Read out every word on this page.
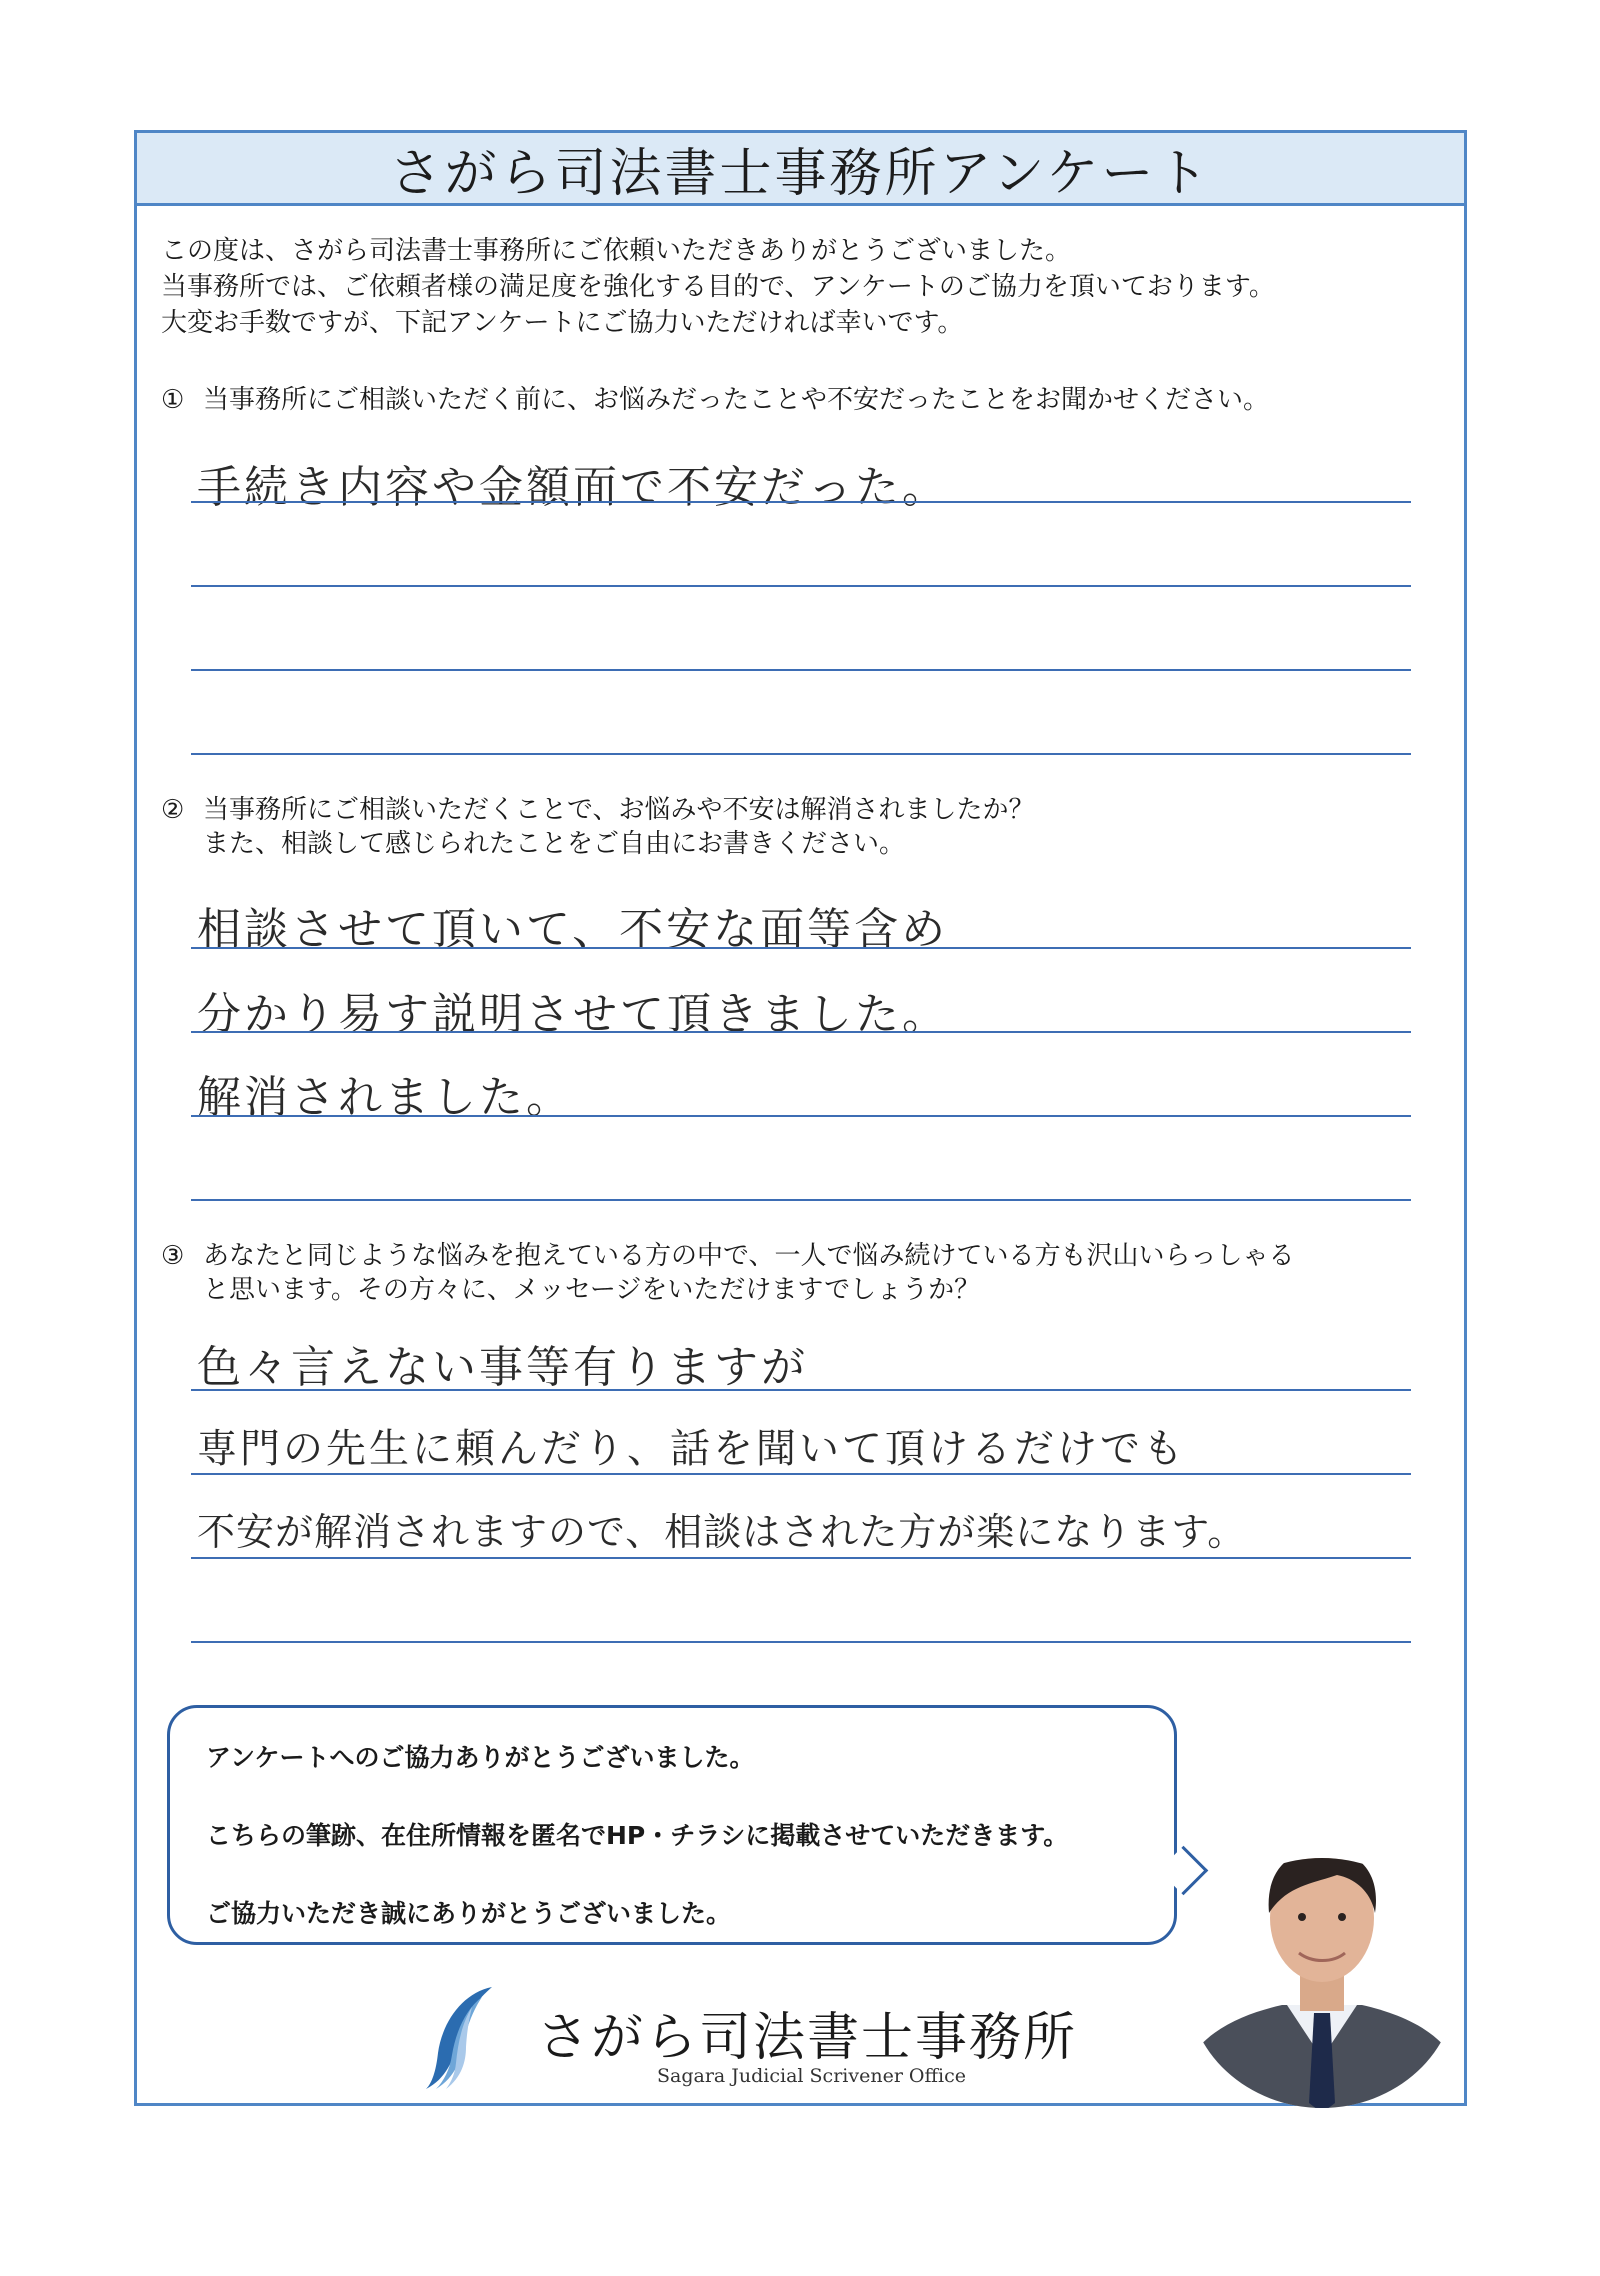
さがら司法書士事務所アンケート
この度は、さがら司法書士事務所にご依頼いただきありがとうございました。
当事務所では、ご依頼者様の満足度を強化する目的で、アンケートのご協力を頂いております。
大変お手数ですが、下記アンケートにご協力いただければ幸いです。
① 当事務所にご相談いただく前に、お悩みだったことや不安だったことをお聞かせください。
手続き内容や金額面で不安だった。
② 当事務所にご相談いただくことで、お悩みや不安は解消されましたか？
また、相談して感じられたことをご自由にお書きください。
相談させて頂いて、不安な面等含め
分かり易す説明させて頂きました。
解消されました。
③ あなたと同じような悩みを抱えている方の中で、一人で悩み続けている方も沢山いらっしゃる
と思います。その方々に、メッセージをいただけますでしょうか？
色々言えない事等有りますが
専門の先生に頼んだり、話を聞いて頂けるだけでも
不安が解消されますので、相談はされた方が楽になります。

アンケートへのご協力ありがとうございました。

こちらの筆跡、在住所情報を匿名でHP・チラシに掲載させていただきます。

ご協力いただき誠にありがとうございました。

さがら司法書士事務所
Sagara Judicial Scrivener Office
